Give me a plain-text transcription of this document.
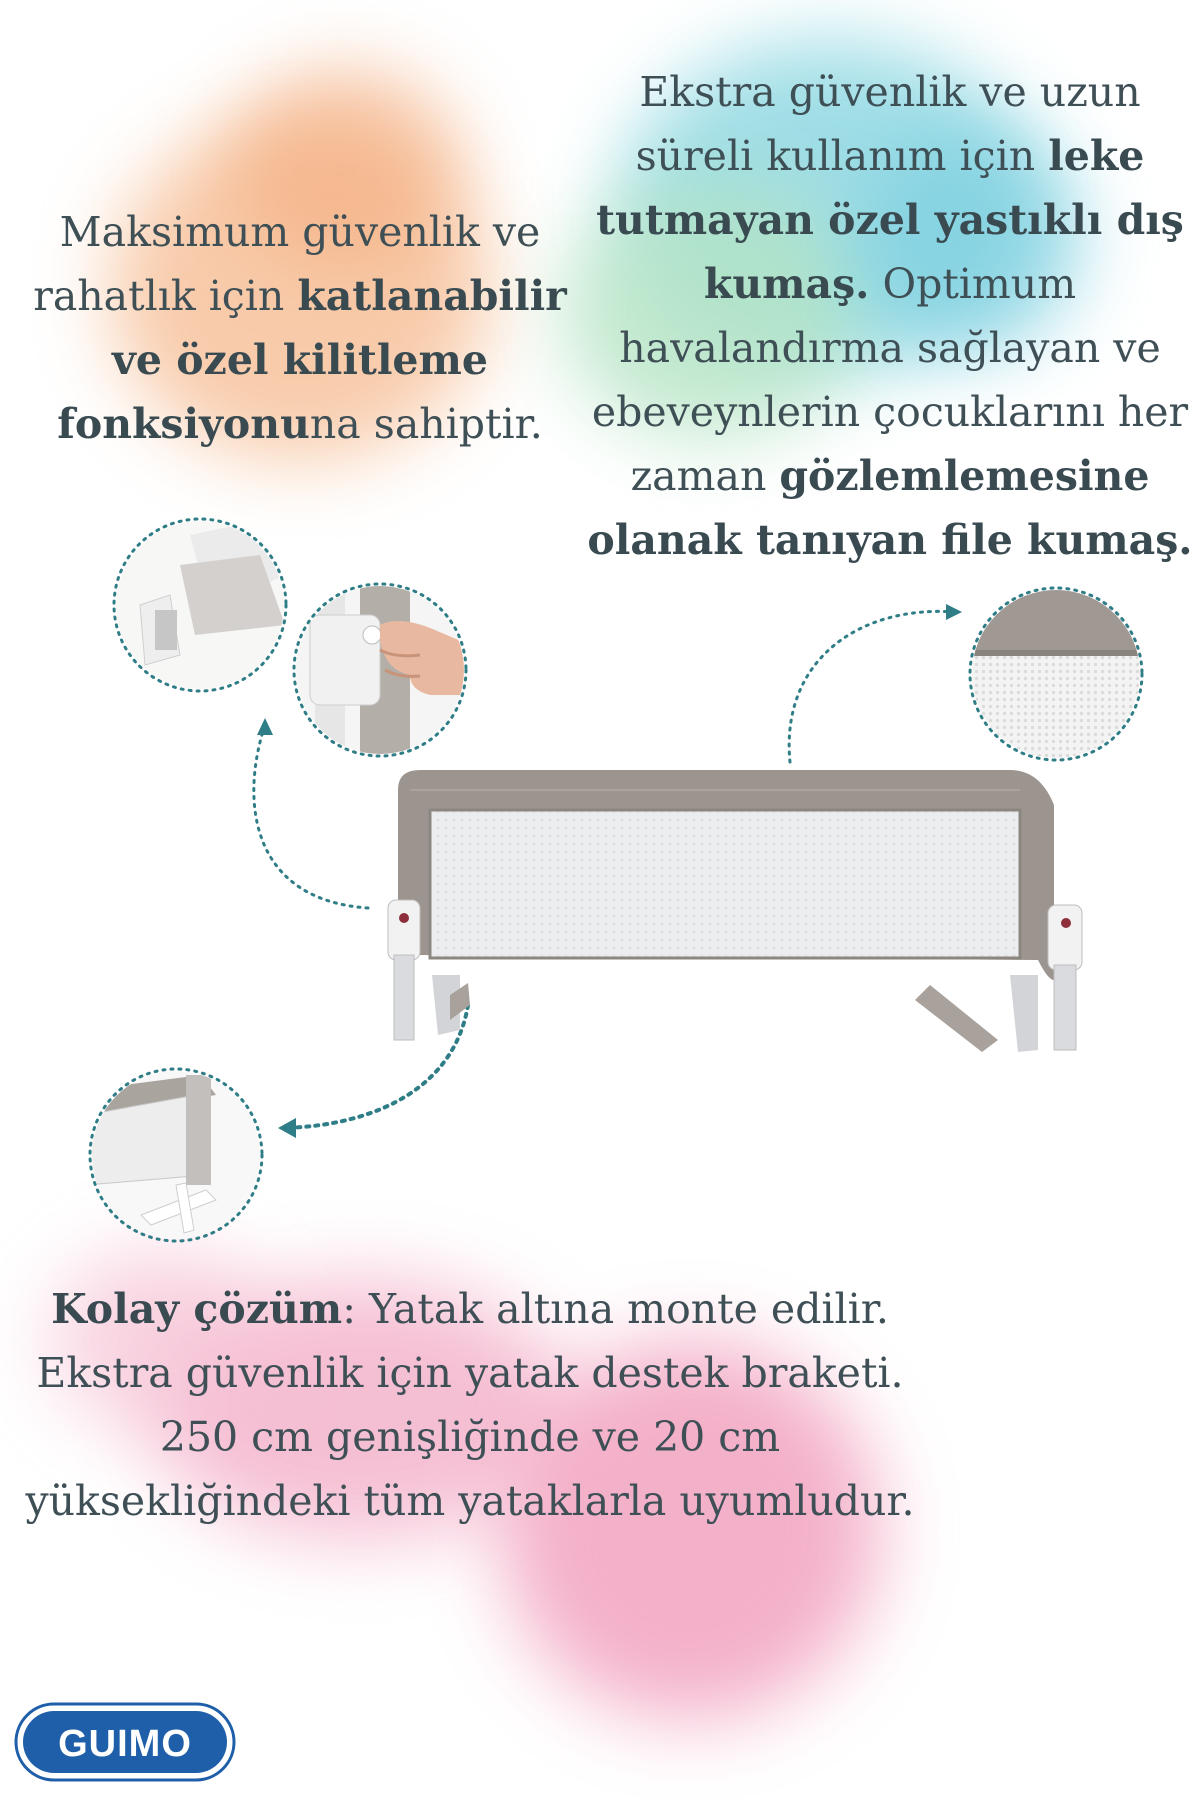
Maksimum güvenlik ve rahatlık için katlanabilir ve özel kilitleme fonksiyonuna sahiptir.
Ekstra güvenlik ve uzun süreli kullanım için leke tutmayan özel yastıklı dış kumaş. Optimum havalandırma sağlayan ve ebeveynlerin çocuklarını her zaman gözlemlemesine olanak tanıyan file kumaş.
Kolay çözüm: Yatak altına monte edilir. Ekstra güvenlik için yatak destek braketi. 250 cm genişliğinde ve 20 cm yüksekliğindeki tüm yataklarla uyumludur.
GUIMO
